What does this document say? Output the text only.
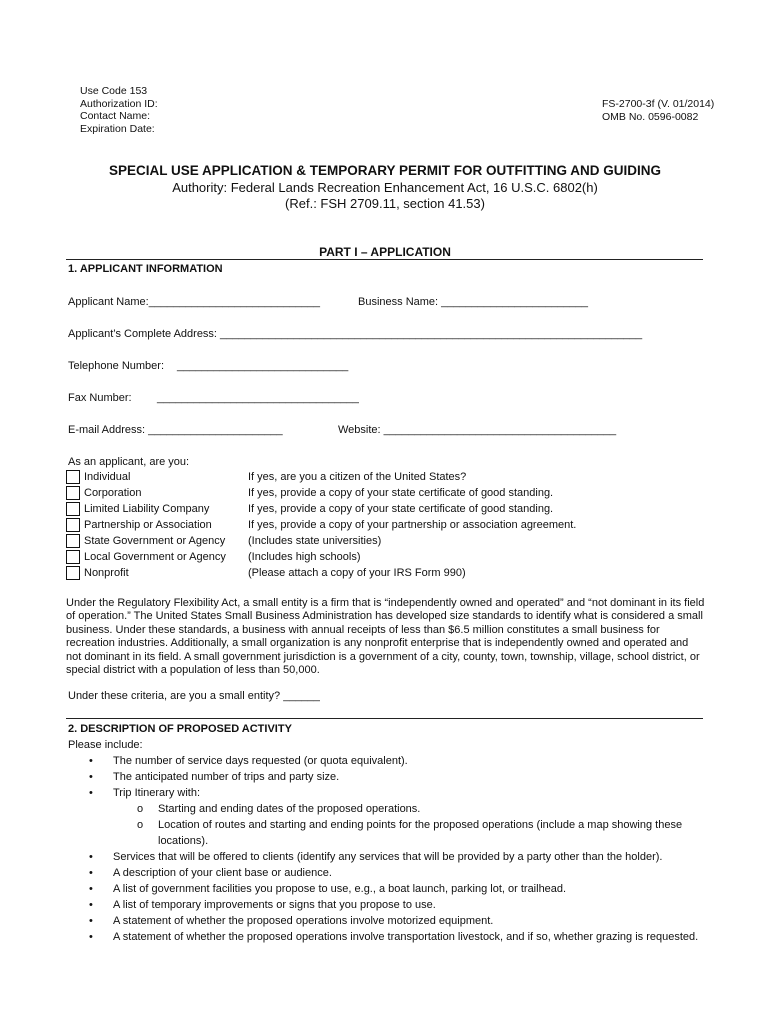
Use Code 153
Authorization ID:
Contact Name:
Expiration Date:
FS-2700-3f (V. 01/2014)
OMB No. 0596-0082
SPECIAL USE APPLICATION & TEMPORARY PERMIT FOR OUTFITTING AND GUIDING
Authority: Federal Lands Recreation Enhancement Act, 16 U.S.C. 6802(h)
(Ref.: FSH 2709.11, section 41.53)
PART I – APPLICATION
1. APPLICANT INFORMATION
Applicant Name:____________________________	Business Name: ________________________
Applicant’s Complete Address: _____________________________________________________________________
Telephone Number: ____________________________
Fax Number: _________________________________
E-mail Address: ______________________	Website: ______________________________________
As an applicant, are you:
Individual	If yes, are you a citizen of the United States?
Corporation	If yes, provide a copy of your state certificate of good standing.
Limited Liability Company	If yes, provide a copy of your state certificate of good standing.
Partnership or Association	If yes, provide a copy of your partnership or association agreement.
State Government or Agency (Includes state universities)
Local Government or Agency (Includes high schools)
Nonprofit	(Please attach a copy of your IRS Form 990)
Under the Regulatory Flexibility Act, a small entity is a firm that is “independently owned and operated” and “not dominant in its field of operation.” The United States Small Business Administration has developed size standards to identify what is considered a small business. Under these standards, a business with annual receipts of less than $6.5 million constitutes a small business for recreation industries. Additionally, a small organization is any nonprofit enterprise that is independently owned and operated and not dominant in its field. A small government jurisdiction is a government of a city, county, town, township, village, school district, or special district with a population of less than 50,000.
Under these criteria, are you a small entity? ______
2. DESCRIPTION OF PROPOSED ACTIVITY
Please include:
• The number of service days requested (or quota equivalent).
• The anticipated number of trips and party size.
• Trip Itinerary with:
o Starting and ending dates of the proposed operations.
o Location of routes and starting and ending points for the proposed operations (include a map showing these locations).
• Services that will be offered to clients (identify any services that will be provided by a party other than the holder).
• A description of your client base or audience.
• A list of government facilities you propose to use, e.g., a boat launch, parking lot, or trailhead.
• A list of temporary improvements or signs that you propose to use.
• A statement of whether the proposed operations involve motorized equipment.
• A statement of whether the proposed operations involve transportation livestock, and if so, whether grazing is requested.
